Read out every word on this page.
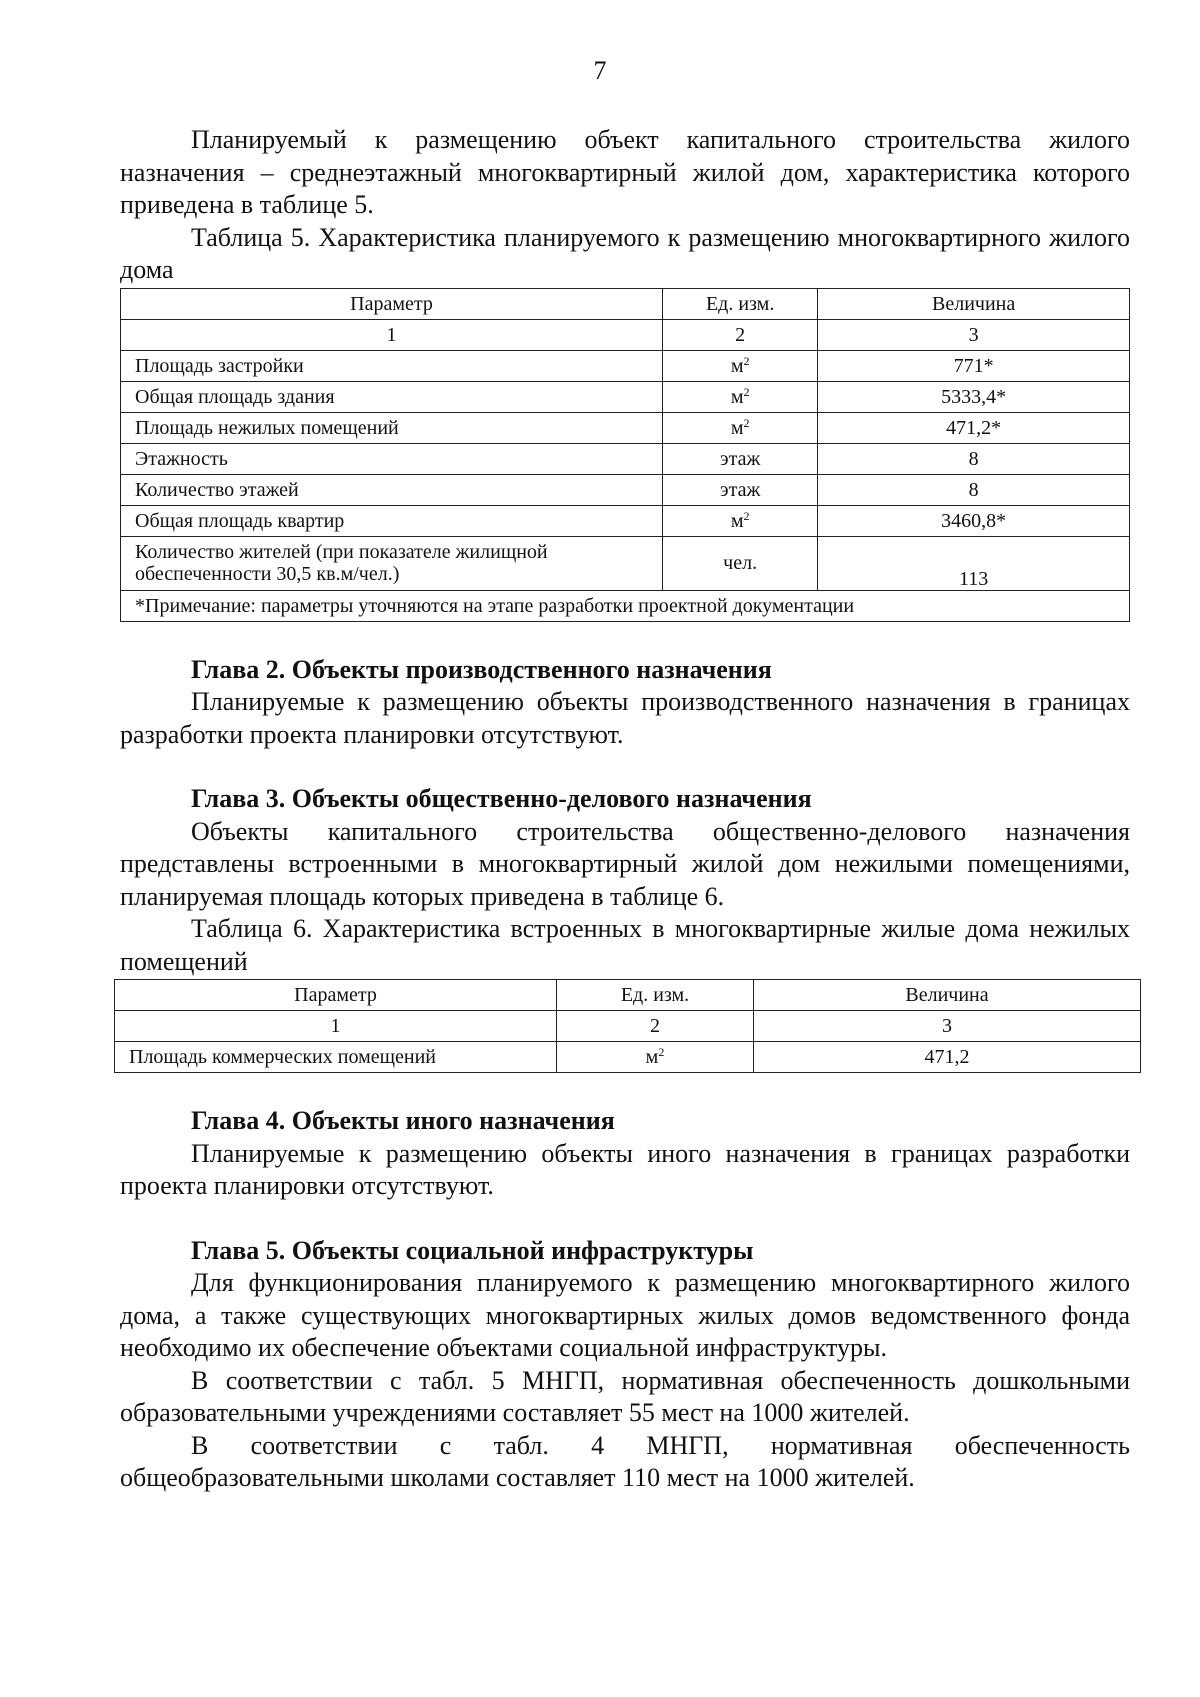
7

Планируемый к размещению объект капитального строительства жилого назначения – среднеэтажный многоквартирный жилой дом, характеристика которого приведена в таблице 5.

Таблица 5. Характеристика планируемого к размещению многоквартирного жилого дома

Параметр	Ед. изм.	Величина
1	2	3
Площадь застройки	$м^2$	771*
Общая площадь здания	$м^2$	5333,4*
Площадь нежилых помещений	$м^2$	471,2*
Этажность	этаж	8
Количество этажей	этаж	8
Общая площадь квартир	$м^2$	3460,8*
Количество жителей (при показателе жилищной обеспеченности 30,5 кв.м/чел.)	чел.	113
*Примечание: параметры уточняются на этапе разработки проектной документации		

Глава 2. Объекты производственного назначения

Планируемые к размещению объекты производственного назначения в границах разработки проекта планировки отсутствуют.

Глава 3. Объекты общественно-делового назначения

Объекты капитального строительства общественно-делового назначения представлены встроенными в многоквартирный жилой дом нежилыми помещениями, планируемая площадь которых приведена в таблице 6.

Таблица 6. Характеристика встроенных в многоквартирные жилые дома нежилых помещений

Параметр	Ед. изм.	Величина
1	2	3
Площадь коммерческих помещений	$м^2$	471,2

Глава 4. Объекты иного назначения

Планируемые к размещению объекты иного назначения в границах разработки проекта планировки отсутствуют.

Глава 5. Объекты социальной инфраструктуры

Для функционирования планируемого к размещению многоквартирного жилого дома, а также существующих многоквартирных жилых домов ведомственного фонда необходимо их обеспечение объектами социальной инфраструктуры.

В соответствии с табл. 5 МНГП, нормативная обеспеченность дошкольными образовательными учреждениями составляет 55 мест на 1000 жителей.

В соответствии с табл. 4 МНГП, нормативная обеспеченность общеобразовательными школами составляет 110 мест на 1000 жителей.
